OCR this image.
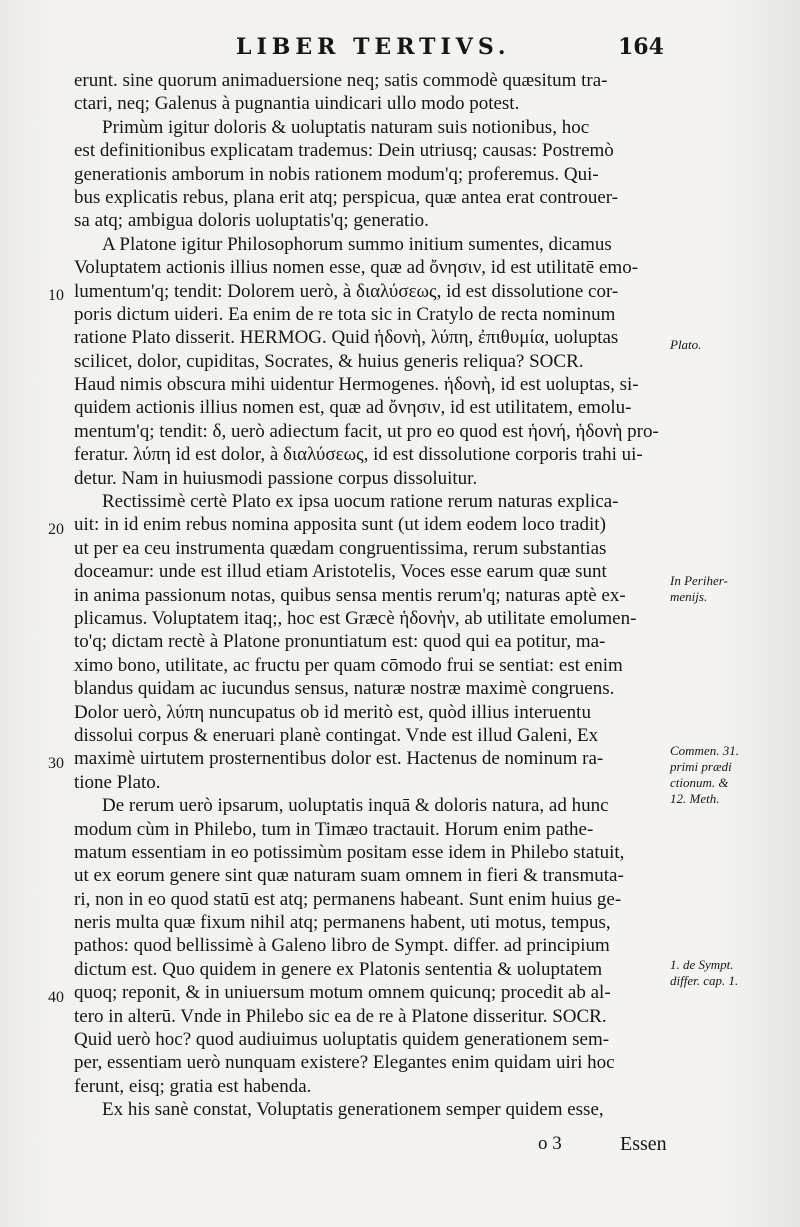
LIBER TERTIVS.	164
erunt. sine quorum animaduersione neq; satis commodè quæsitum tra-
ctari, neq; Galenus à pugnantia uindicari ullo modo potest.
Primùm igitur doloris & uoluptatis naturam suis notionibus, hoc
est definitionibus explicatam trademus: Dein utriusq; causas: Postremò
generationis amborum in nobis rationem modum'q; proferemus. Qui-
bus explicatis rebus, plana erit atq; perspicua, quæ antea erat controuer-
sa atq; ambigua doloris uoluptatis'q; generatio.
A Platone igitur Philosophorum summo initium sumentes, dicamus
Voluptatem actionis illius nomen esse, quæ ad ὄνησιν, id est utilitatē emo-
lumentum'q; tendit: Dolorem uerò, à διαλύσεως, id est dissolutione cor-
poris dictum uideri. Ea enim de re tota sic in Cratylo de recta nominum
ratione Plato disserit. HERMOG. Quid ἡδονὴ, λύπη, ἐπιθυμία, uoluptas
scilicet, dolor, cupiditas, Socrates, & huius generis reliqua? SOCR.
Haud nimis obscura mihi uidentur Hermogenes. ἡδονὴ, id est uoluptas, si-
quidem actionis illius nomen est, quæ ad ὄνησιν, id est utilitatem, emolu-
mentum'q; tendit: δ, uerò adiectum facit, ut pro eo quod est ἡονή, ἡδονὴ pro-
feratur. λύπη id est dolor, à διαλύσεως, id est dissolutione corporis trahi ui-
detur. Nam in huiusmodi passione corpus dissoluitur.
Rectissimè certè Plato ex ipsa uocum ratione rerum naturas explica-
uit: in id enim rebus nomina apposita sunt (ut idem eodem loco tradit)
ut per ea ceu instrumenta quædam congruentissima, rerum substantias
doceamur: unde est illud etiam Aristotelis, Voces esse earum quæ sunt
in anima passionum notas, quibus sensa mentis rerum'q; naturas aptè ex-
plicamus. Voluptatem itaq;, hoc est Græcè ἡδονὴν, ab utilitate emolumen-
to'q; dictam rectè à Platone pronuntiatum est: quod qui ea potitur, ma-
ximo bono, utilitate, ac fructu per quam cōmodo frui se sentiat: est enim
blandus quidam ac iucundus sensus, naturæ nostræ maximè congruens.
Dolor uerò, λύπη nuncupatus ob id meritò est, quòd illius interuentu
dissolui corpus & eneruari planè contingat. Vnde est illud Galeni, Ex
maximè uirtutem prosternentibus dolor est. Hactenus de nominum ra-
tione Plato.
De rerum uerò ipsarum, uoluptatis inquā & doloris natura, ad hunc
modum cùm in Philebo, tum in Timæo tractauit. Horum enim pathe-
matum essentiam in eo potissimùm positam esse idem in Philebo statuit,
ut ex eorum genere sint quæ naturam suam omnem in fieri & transmuta-
ri, non in eo quod statū est atq; permanens habeant. Sunt enim huius ge-
neris multa quæ fixum nihil atq; permanens habent, uti motus, tempus,
pathos: quod bellissimè à Galeno libro de Sympt. differ. ad principium
dictum est. Quo quidem in genere ex Platonis sententia & uoluptatem
quoq; reponit, & in uniuersum motum omnem quicunq; procedit ab al-
tero in alterū. Vnde in Philebo sic ea de re à Platone disseritur. SOCR.
Quid uerò hoc? quod audiuimus uoluptatis quidem generationem sem-
per, essentiam uerò nunquam existere? Elegantes enim quidam uiri hoc
ferunt, eisq; gratia est habenda.
Ex his sanè constat, Voluptatis generationem semper quidem esse,
10
20
30
40
Plato.
In Periher-
menijs.
Commen. 31.
primi prædi
ctionum. &
12. Meth.
1. de Sympt.
differ. cap. 1.
o 3	Essen
